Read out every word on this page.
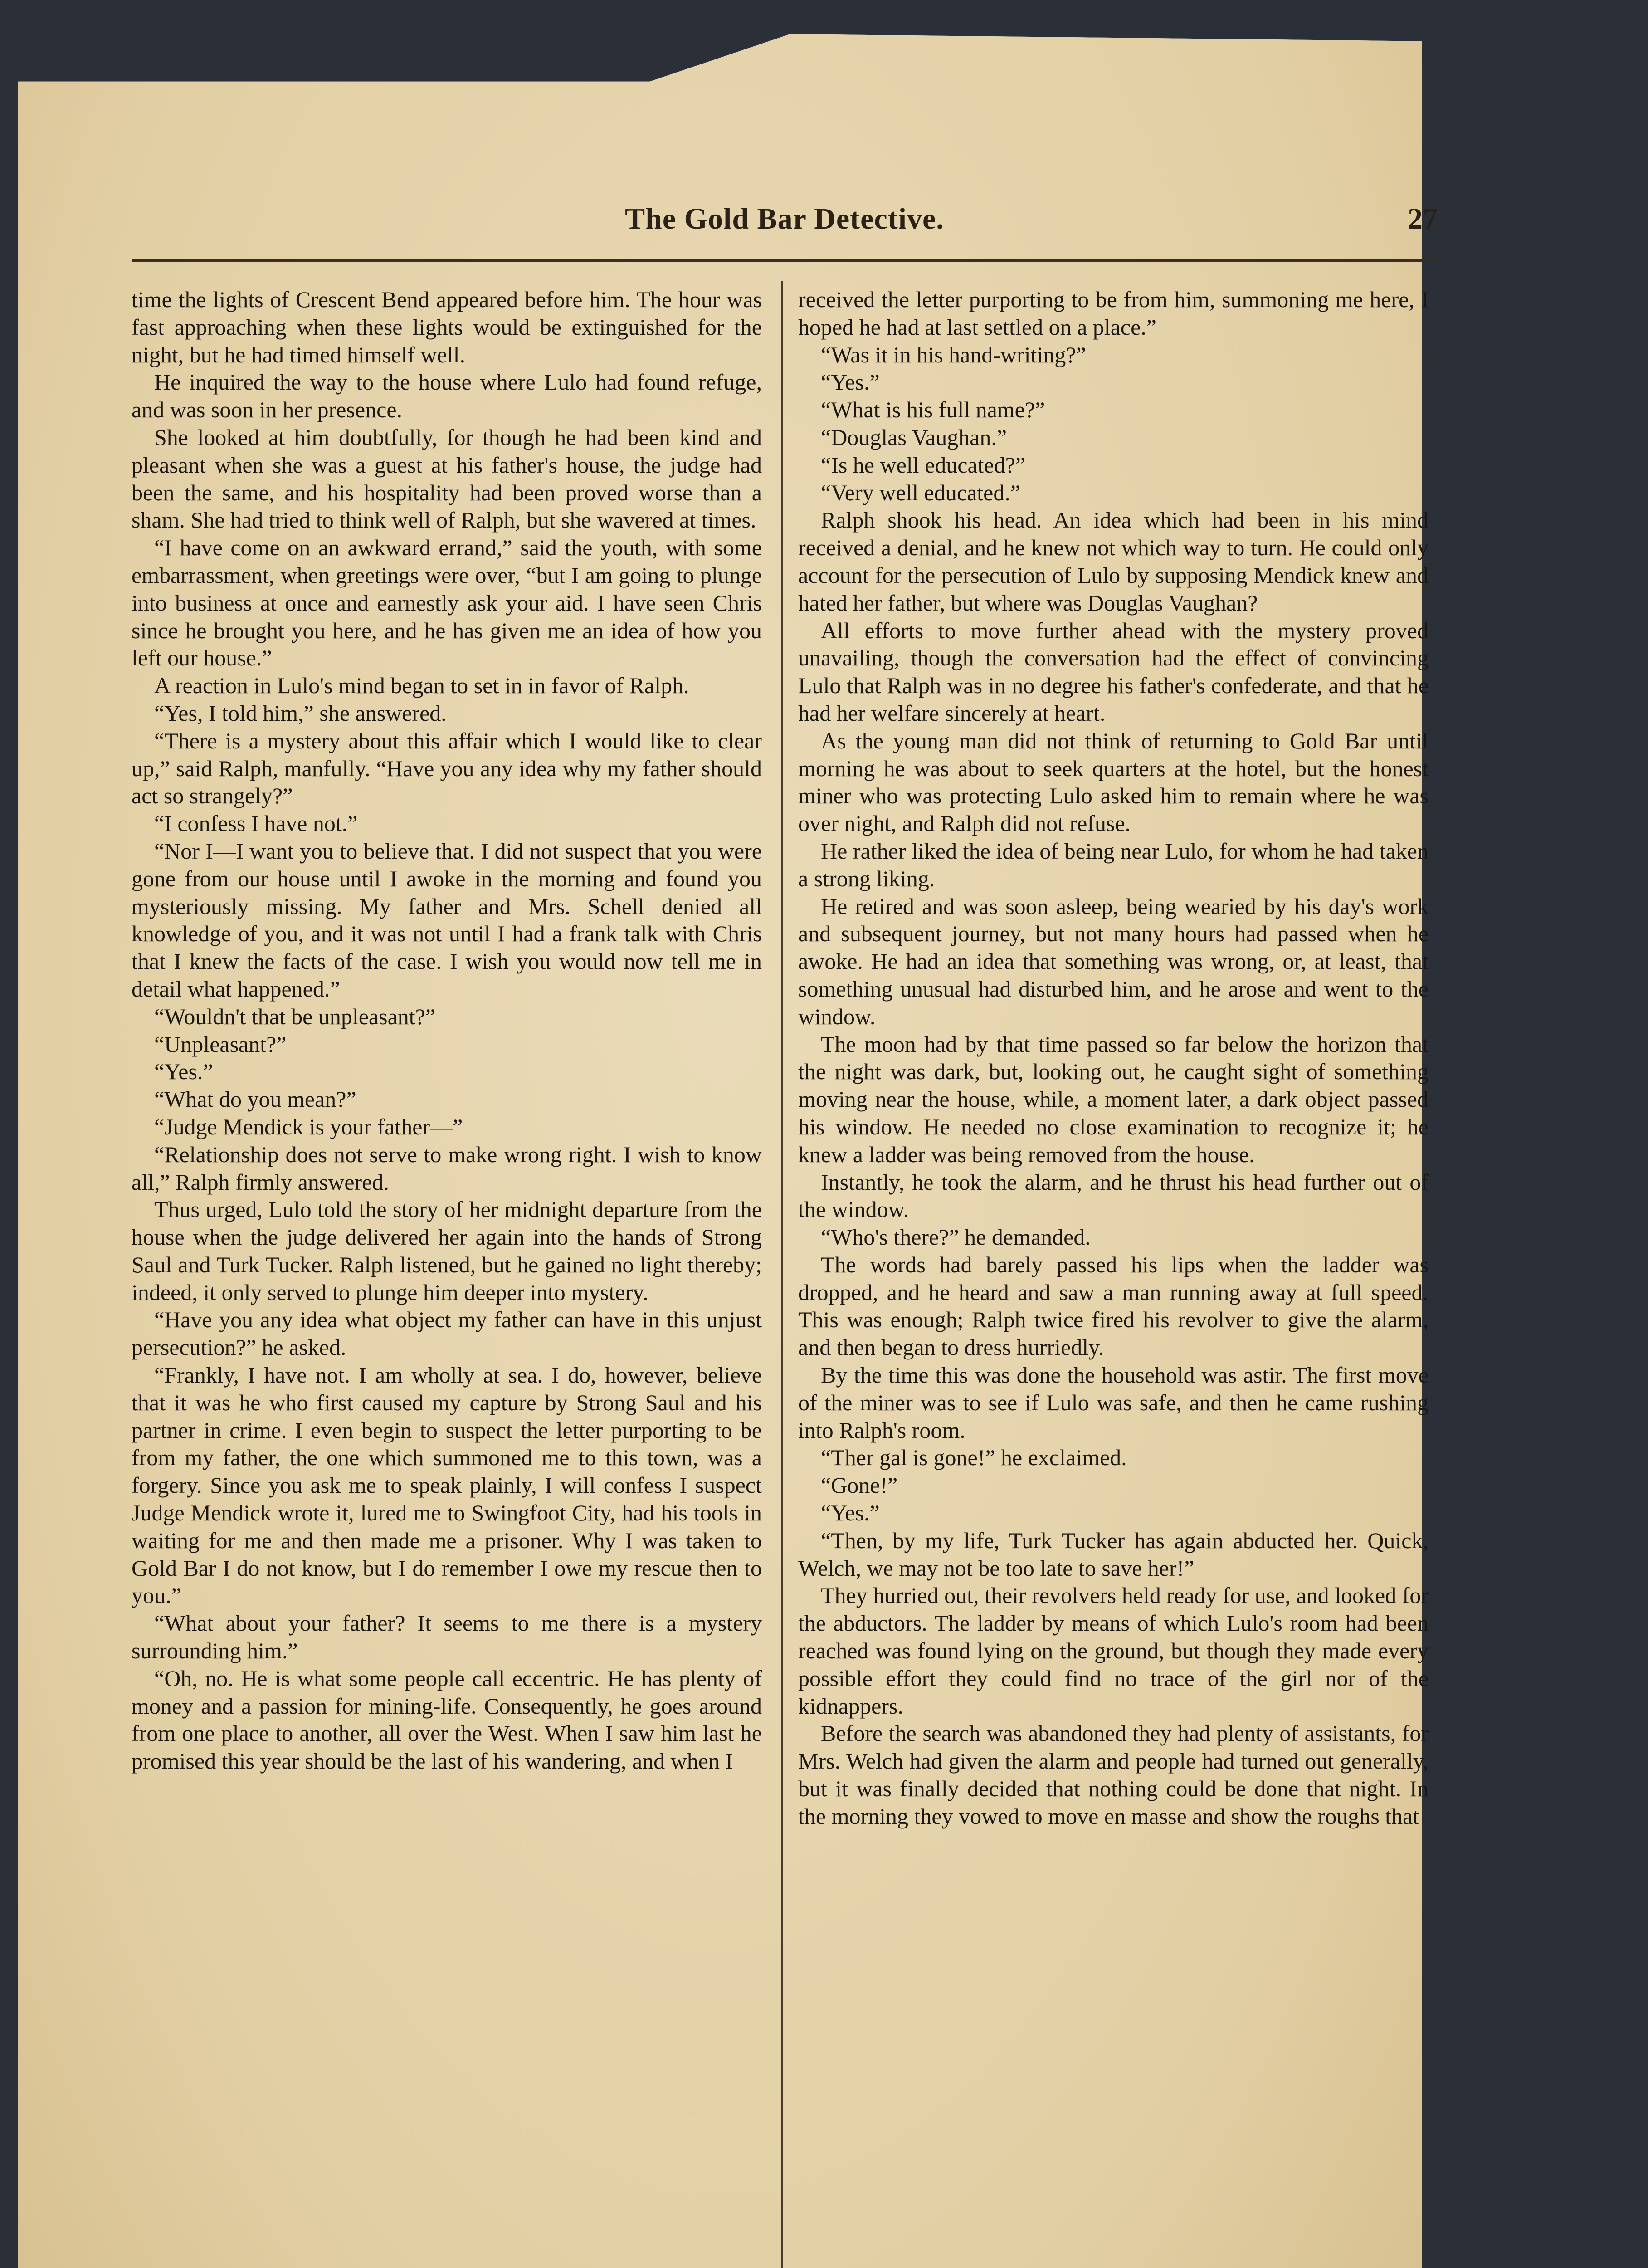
The Gold Bar Detective.	27

time the lights of Crescent Bend appeared before him. The hour was fast approaching when these lights would be extinguished for the night, but he had timed himself well.

He inquired the way to the house where Lulo had found refuge, and was soon in her presence.

She looked at him doubtfully, for though he had been kind and pleasant when she was a guest at his father's house, the judge had been the same, and his hospitality had been proved worse than a sham. She had tried to think well of Ralph, but she wavered at times.

“I have come on an awkward errand,” said the youth, with some embarrassment, when greetings were over, “but I am going to plunge into business at once and earnestly ask your aid. I have seen Chris since he brought you here, and he has given me an idea of how you left our house.”

A reaction in Lulo's mind began to set in in favor of Ralph.

“Yes, I told him,” she answered.

“There is a mystery about this affair which I would like to clear up,” said Ralph, manfully. “Have you any idea why my father should act so strangely?”

“I confess I have not.”

“Nor I—I want you to believe that. I did not suspect that you were gone from our house until I awoke in the morning and found you mysteriously missing. My father and Mrs. Schell denied all knowledge of you, and it was not until I had a frank talk with Chris that I knew the facts of the case. I wish you would now tell me in detail what happened.”

“Wouldn't that be unpleasant?”

“Unpleasant?”

“Yes.”

“What do you mean?”

“Judge Mendick is your father—”

“Relationship does not serve to make wrong right. I wish to know all,” Ralph firmly answered.

Thus urged, Lulo told the story of her midnight departure from the house when the judge delivered her again into the hands of Strong Saul and Turk Tucker. Ralph listened, but he gained no light thereby; indeed, it only served to plunge him deeper into mystery.

“Have you any idea what object my father can have in this unjust persecution?” he asked.

“Frankly, I have not. I am wholly at sea. I do, however, believe that it was he who first caused my capture by Strong Saul and his partner in crime. I even begin to suspect the letter purporting to be from my father, the one which summoned me to this town, was a forgery. Since you ask me to speak plainly, I will confess I suspect Judge Mendick wrote it, lured me to Swingfoot City, had his tools in waiting for me and then made me a prisoner. Why I was taken to Gold Bar I do not know, but I do remember I owe my rescue then to you.”

“What about your father? It seems to me there is a mystery surrounding him.”

“Oh, no. He is what some people call eccentric. He has plenty of money and a passion for mining-life. Consequently, he goes around from one place to another, all over the West. When I saw him last he promised this year should be the last of his wandering, and when I

received the letter purporting to be from him, summoning me here, I hoped he had at last settled on a place.”

“Was it in his hand-writing?”

“Yes.”

“What is his full name?”

“Douglas Vaughan.”

“Is he well educated?”

“Very well educated.”

Ralph shook his head. An idea which had been in his mind received a denial, and he knew not which way to turn. He could only account for the persecution of Lulo by supposing Mendick knew and hated her father, but where was Douglas Vaughan?

All efforts to move further ahead with the mystery proved unavailing, though the conversation had the effect of convincing Lulo that Ralph was in no degree his father's confederate, and that he had her welfare sincerely at heart.

As the young man did not think of returning to Gold Bar until morning he was about to seek quarters at the hotel, but the honest miner who was protecting Lulo asked him to remain where he was over night, and Ralph did not refuse.

He rather liked the idea of being near Lulo, for whom he had taken a strong liking.

He retired and was soon asleep, being wearied by his day's work and subsequent journey, but not many hours had passed when he awoke. He had an idea that something was wrong, or, at least, that something unusual had disturbed him, and he arose and went to the window.

The moon had by that time passed so far below the horizon that the night was dark, but, looking out, he caught sight of something moving near the house, while, a moment later, a dark object passed his window. He needed no close examination to recognize it; he knew a ladder was being removed from the house.

Instantly, he took the alarm, and he thrust his head further out of the window.

“Who's there?” he demanded.

The words had barely passed his lips when the ladder was dropped, and he heard and saw a man running away at full speed. This was enough; Ralph twice fired his revolver to give the alarm, and then began to dress hurriedly.

By the time this was done the household was astir. The first move of the miner was to see if Lulo was safe, and then he came rushing into Ralph's room.

“Ther gal is gone!” he exclaimed.

“Gone!”

“Yes.”

“Then, by my life, Turk Tucker has again abducted her. Quick, Welch, we may not be too late to save her!”

They hurried out, their revolvers held ready for use, and looked for the abductors. The ladder by means of which Lulo's room had been reached was found lying on the ground, but though they made every possible effort they could find no trace of the girl nor of the kidnappers.

Before the search was abandoned they had plenty of assistants, for Mrs. Welch had given the alarm and people had turned out generally, but it was finally decided that nothing could be done that night. In the morning they vowed to move en masse and show the roughs that
